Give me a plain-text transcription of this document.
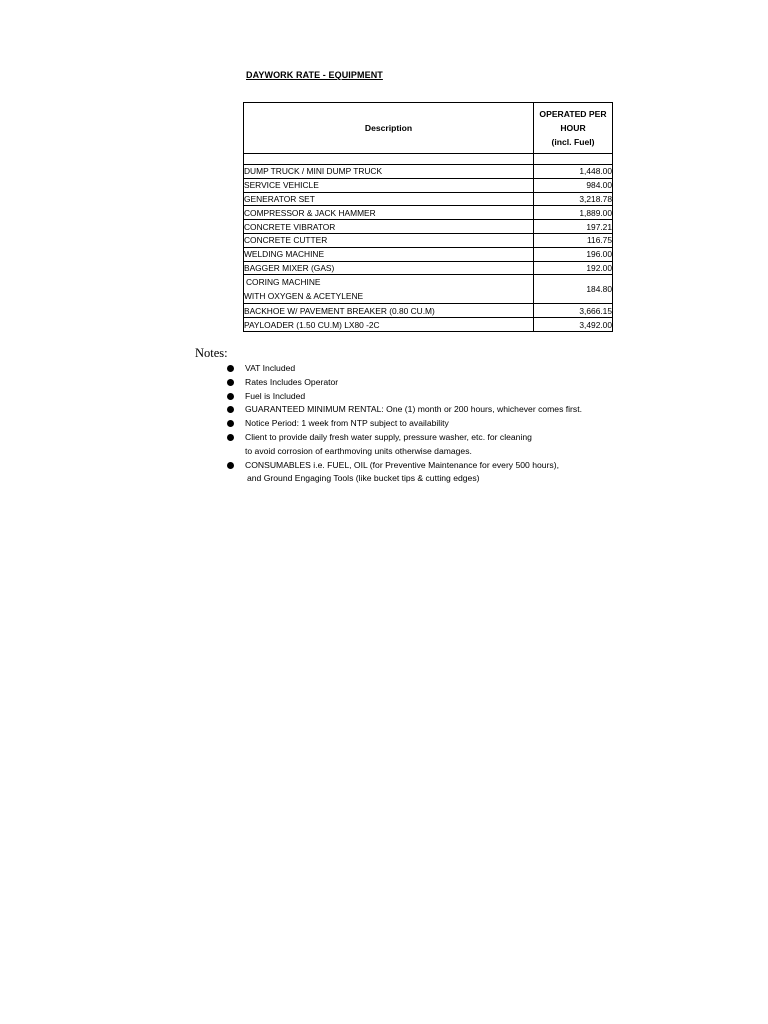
DAYWORK RATE - EQUIPMENT
Description	OPERATED PER
HOUR
(incl. Fuel)

DUMP TRUCK / MINI DUMP TRUCK	1,448.00
SERVICE VEHICLE	984.00
GENERATOR SET	3,218.78
COMPRESSOR & JACK HAMMER	1,889.00
CONCRETE VIBRATOR	197.21
CONCRETE CUTTER	116.75
WELDING MACHINE	196.00
BAGGER MIXER (GAS)	192.00

CORING MACHINE
WITH OXYGEN & ACETYLENE	184.80
BACKHOE W/ PAVEMENT BREAKER (0.80 CU.M)	3,666.15
PAYLOADER (1.50 CU.M) LX80 -2C	3,492.00
Notes:
VAT Included
Rates Includes Operator
Fuel is Included
GUARANTEED MINIMUM RENTAL: One (1) month or 200 hours, whichever comes first.
Notice Period: 1 week from NTP subject to availability
Client to provide daily fresh water supply, pressure washer, etc. for cleaning
to avoid corrosion of earthmoving units otherwise damages.
CONSUMABLES i.e. FUEL, OIL (for Preventive Maintenance for every 500 hours),
and Ground Engaging Tools (like bucket tips & cutting edges)
